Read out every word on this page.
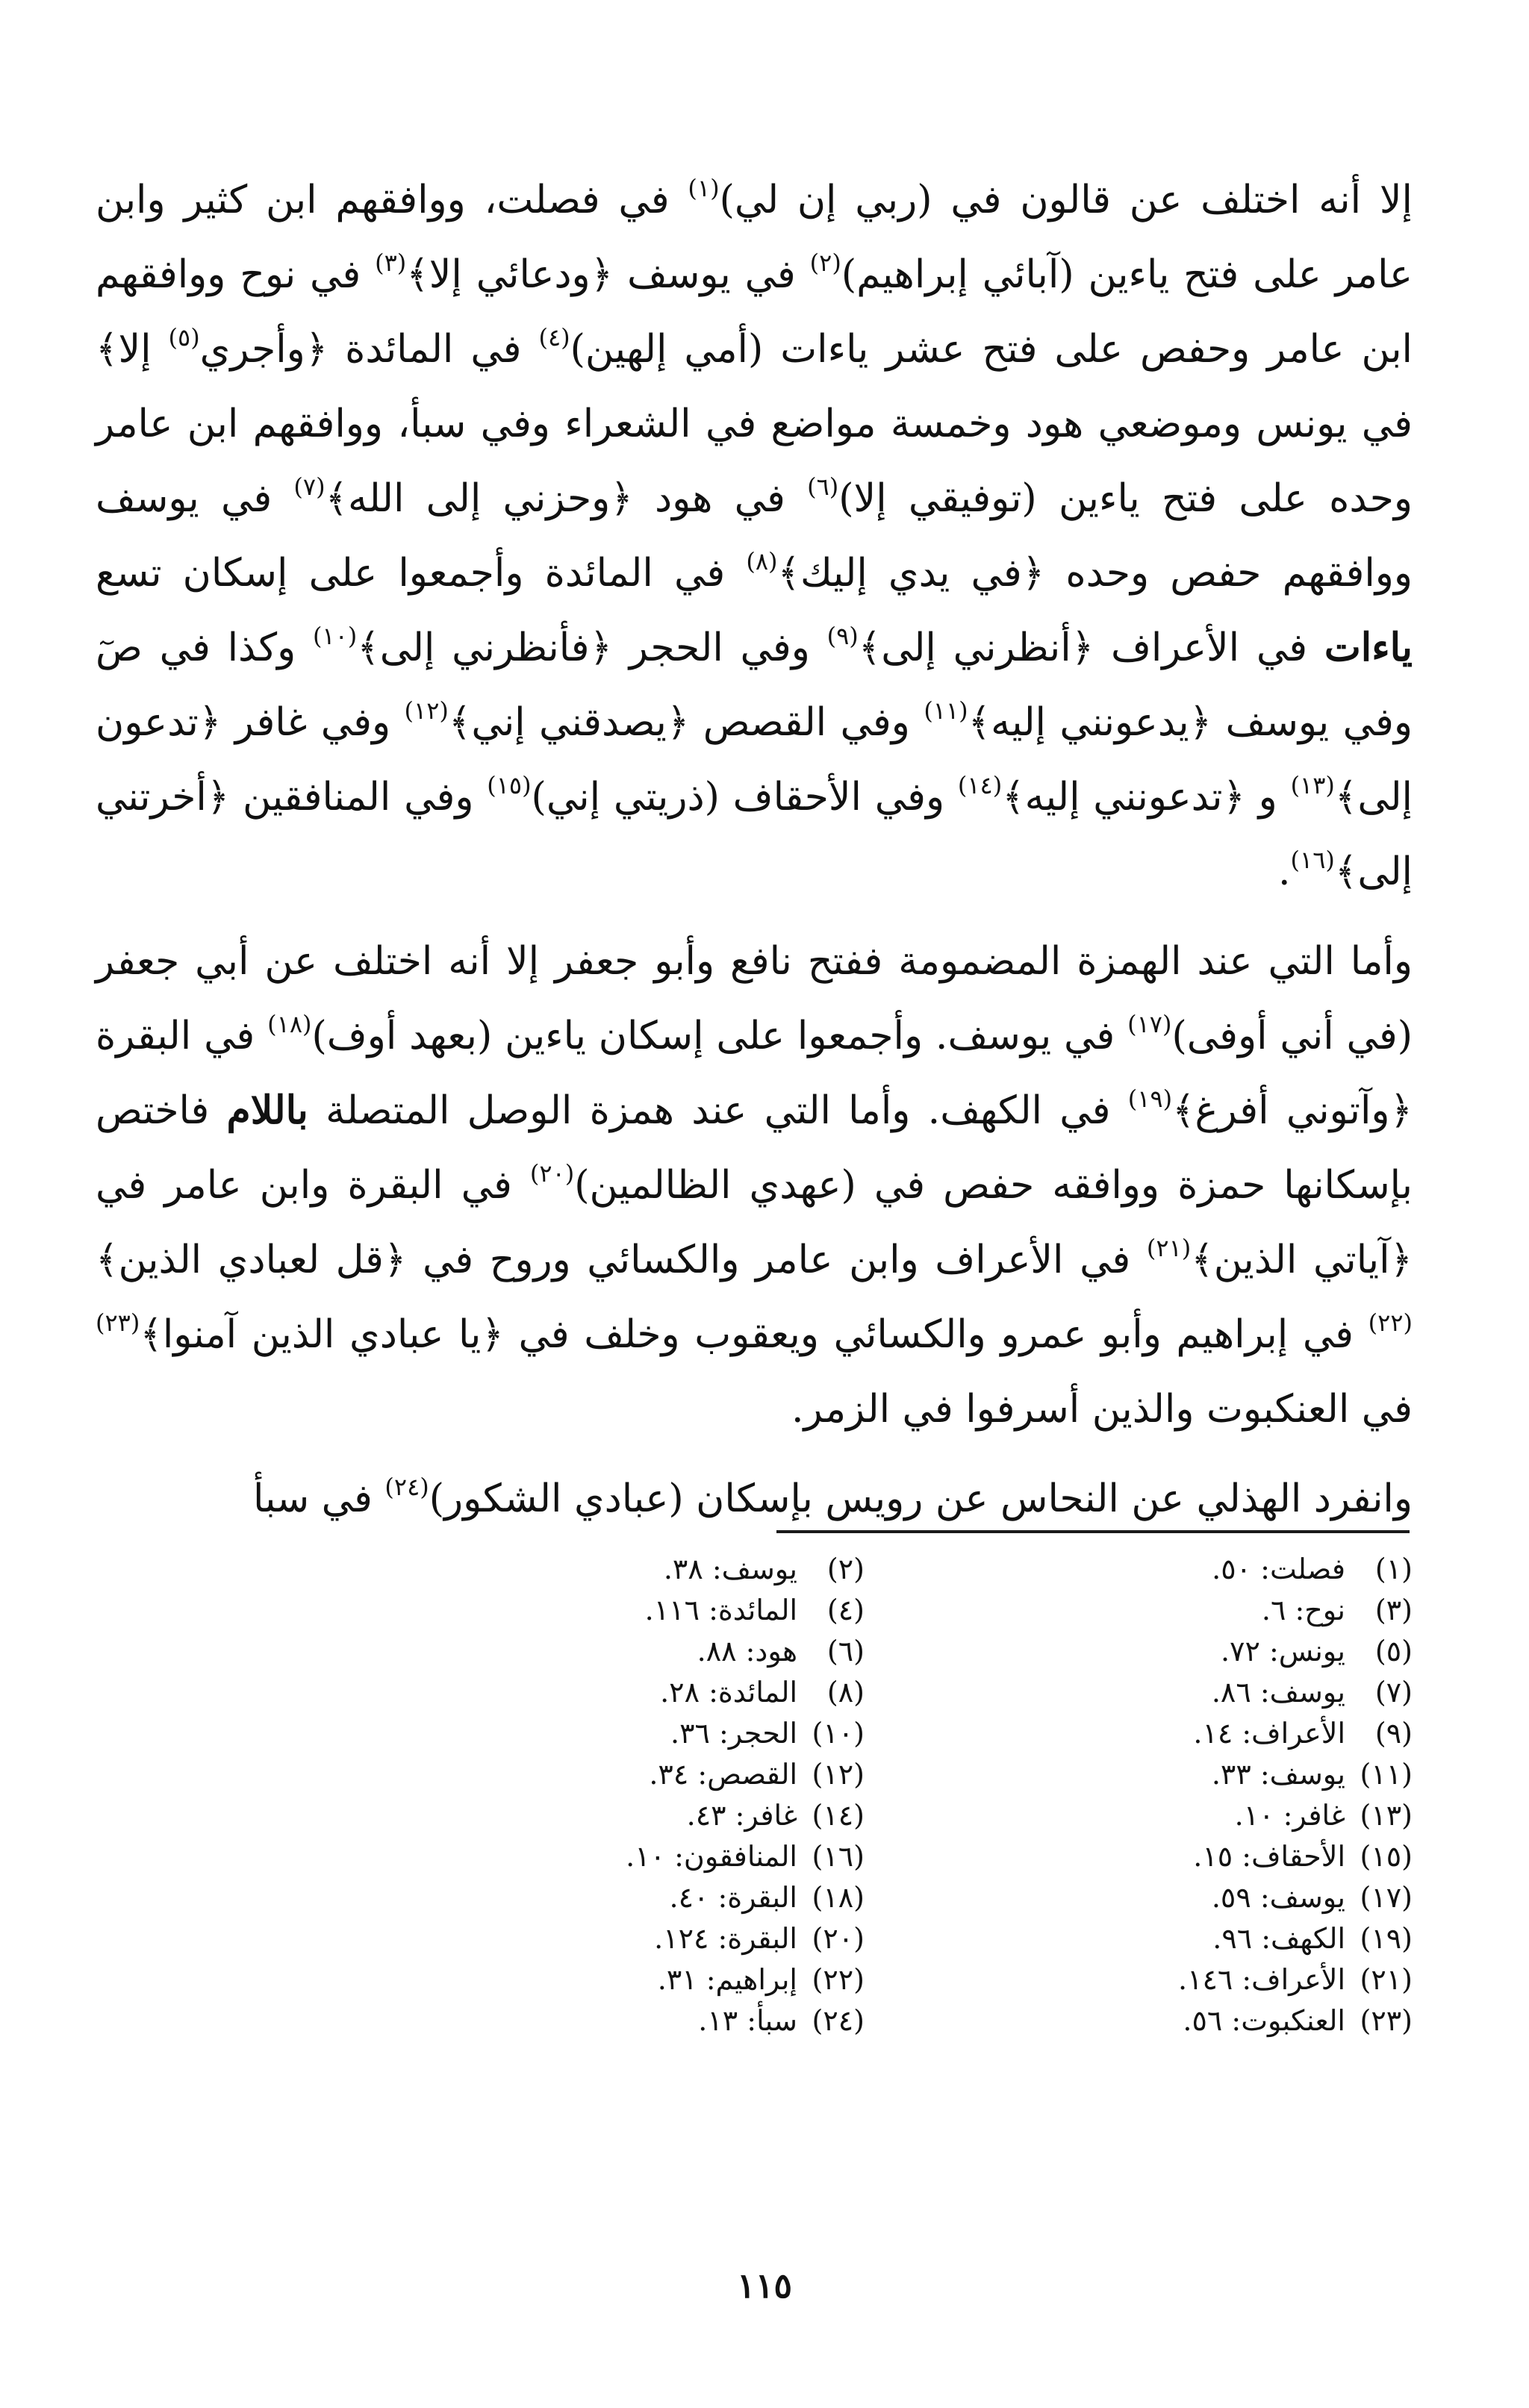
إلا أنه اختلف عن قالون في (ربي إن لي)$^{(١)}$ في فصلت، ووافقهم ابن كثير وابن عامر على فتح ياءين (آبائي إبراهيم)$^{(٢)}$ في يوسف ﴿ودعائي إلا﴾$^{(٣)}$ في نوح ووافقهم ابن عامر وحفص على فتح عشر ياءات (أمي إلهين)$^{(٤)}$ في المائدة ﴿وأجري$^{(٥)}$ إلا﴾ في يونس وموضعي هود وخمسة مواضع في الشعراء وفي سبأ، ووافقهم ابن عامر وحده على فتح ياءين (توفيقي إلا)$^{(٦)}$ في هود ﴿وحزني إلى الله﴾$^{(٧)}$ في يوسف ووافقهم حفص وحده ﴿في يدي إليك﴾$^{(٨)}$ في المائدة وأجمعوا على إسكان تسع ياءات في الأعراف ﴿أنظرني إلى﴾$^{(٩)}$ وفي الحجر ﴿فأنظرني إلى﴾$^{(١٠)}$ وكذا في صٓ وفي يوسف ﴿يدعونني إليه﴾$^{(١١)}$ وفي القصص ﴿يصدقني إني﴾$^{(١٢)}$ وفي غافر ﴿تدعون إلى﴾$^{(١٣)}$ و ﴿تدعونني إليه﴾$^{(١٤)}$ وفي الأحقاف (ذريتي إني)$^{(١٥)}$ وفي المنافقين ﴿أخرتني إلى﴾$^{(١٦)}$.

وأما التي عند الهمزة المضمومة ففتح نافع وأبو جعفر إلا أنه اختلف عن أبي جعفر (في أني أوفى)$^{(١٧)}$ في يوسف. وأجمعوا على إسكان ياءين (بعهد أوف)$^{(١٨)}$ في البقرة ﴿وآتوني أفرغ﴾$^{(١٩)}$ في الكهف. وأما التي عند همزة الوصل المتصلة باللام فاختص بإسكانها حمزة ووافقه حفص في (عهدي الظالمين)$^{(٢٠)}$ في البقرة وابن عامر في ﴿آياتي الذين﴾$^{(٢١)}$ في الأعراف وابن عامر والكسائي وروح في ﴿قل لعبادي الذين﴾$^{(٢٢)}$ في إبراهيم وأبو عمرو والكسائي ويعقوب وخلف في ﴿يا عبادي الذين آمنوا﴾$^{(٢٣)}$ في العنكبوت والذين أسرفوا في الزمر.

وانفرد الهذلي عن النحاس عن رويس بإسكان (عبادي الشكور)$^{(٢٤)}$ في سبأ

(١)فصلت: ٥٠.
(٣)نوح: ٦.
(٥)يونس: ٧٢.
(٧)يوسف: ٨٦.
(٩)الأعراف: ١٤.
(١١)يوسف: ٣٣.
(١٣)غافر: ١٠.
(١٥)الأحقاف: ١٥.
(١٧)يوسف: ٥٩.
(١٩)الكهف: ٩٦.
(٢١)الأعراف: ١٤٦.
(٢٣)العنكبوت: ٥٦.
(٢)يوسف: ٣٨.
(٤)المائدة: ١١٦.
(٦)هود: ٨٨.
(٨)المائدة: ٢٨.
(١٠)الحجر: ٣٦.
(١٢)القصص: ٣٤.
(١٤)غافر: ٤٣.
(١٦)المنافقون: ١٠.
(١٨)البقرة: ٤٠.
(٢٠)البقرة: ١٢٤.
(٢٢)إبراهيم: ٣١.
(٢٤)سبأ: ١٣.
١١٥
